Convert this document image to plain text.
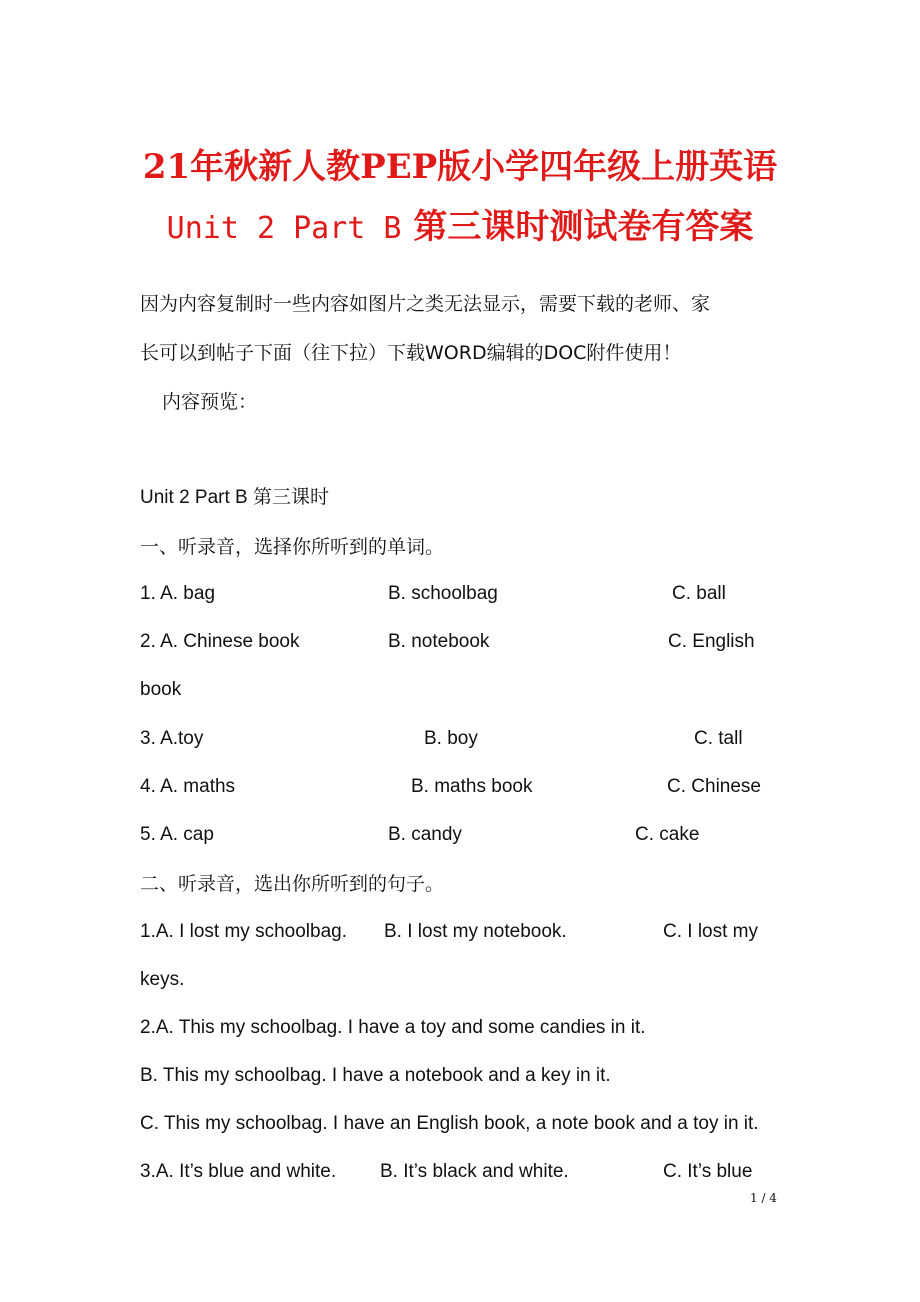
21年秋新人教PEP版小学四年级上册英语
Unit 2 Part B 第三课时测试卷有答案
因为内容复制时一些内容如图片之类无法显示，需要下载的老师、家
长可以到帖子下面（往下拉）下载WORD编辑的DOC附件使用！
内容预览：
Unit 2 Part B 第三课时
一、听录音，选择你所听到的单词。
1. A. bag	B. schoolbag	C. ball
2. A. Chinese book	B. notebook	C. English
book
3. A.toy	B. boy	C. tall
4. A. maths	B. maths book	C. Chinese
5. A. cap	B. candy	C. cake
二、听录音，选出你所听到的句子。
1.A. I lost my schoolbag. B. I lost my notebook.	C. I lost my
keys.
2.A. This my schoolbag. I have a toy and some candies in it.
B. This my schoolbag. I have a notebook and a key in it.
C. This my schoolbag. I have an English book, a note book and a toy in it.
3.A. It’s blue and white. B. It’s black and white.	C. It’s blue
1 / 4
